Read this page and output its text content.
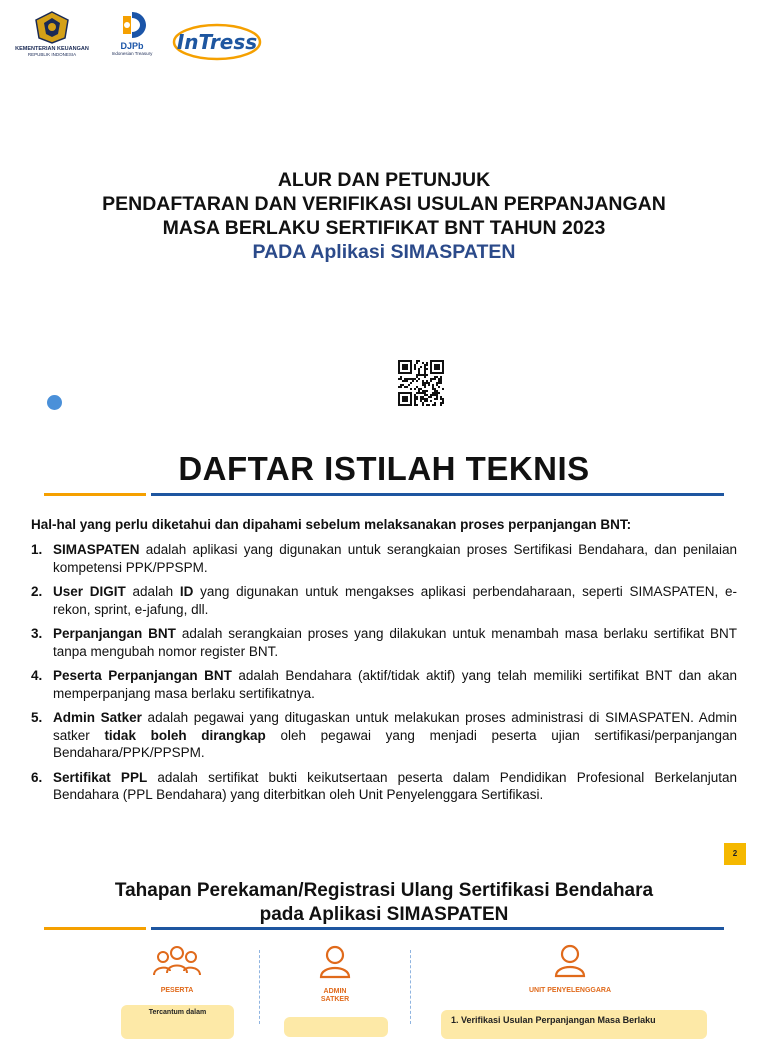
KEMENTERIAN KEUANGAN
REPUBLIK INDONESIA
DJPb
Indonesian Treasury	InTress
ALUR DAN PETUNJUK
PENDAFTARAN DAN VERIFIKASI USULAN PERPANJANGAN
MASA BERLAKU SERTIFIKAT BNT TAHUN 2023
PADA Aplikasi SIMASPATEN
DAFTAR ISTILAH TEKNIS
Hal-hal yang perlu diketahui dan dipahami sebelum melaksanakan proses perpanjangan BNT:
1. SIMASPATEN adalah aplikasi yang digunakan untuk serangkaian proses Sertifikasi Bendahara, dan penilaian kompetensi PPK/PPSPM.
2. User DIGIT adalah ID yang digunakan untuk mengakses aplikasi perbendaharaan, seperti SIMASPATEN, e-rekon, sprint, e-jafung, dll.
3. Perpanjangan BNT adalah serangkaian proses yang dilakukan untuk menambah masa berlaku sertifikat BNT tanpa mengubah nomor register BNT.
4. Peserta Perpanjangan BNT adalah Bendahara (aktif/tidak aktif) yang telah memiliki sertifikat BNT dan akan memperpanjang masa berlaku sertifikatnya.
5. Admin Satker adalah pegawai yang ditugaskan untuk melakukan proses administrasi di SIMASPATEN. Admin satker tidak boleh dirangkap oleh pegawai yang menjadi peserta ujian sertifikasi/perpanjangan Bendahara/PPK/PPSPM.
6. Sertifikat PPL adalah sertifikat bukti keikutsertaan peserta dalam Pendidikan Profesional Berkelanjutan Bendahara (PPL Bendahara) yang diterbitkan oleh Unit Penyelenggara Sertifikasi.
2
Tahapan Perekaman/Registrasi Ulang Sertifikasi Bendahara
pada Aplikasi SIMASPATEN
PESERTA	ADMIN
SATKER
UNIT PENYELENGGARA
Tercantum dalam
1. Verifikasi Usulan Perpanjangan Masa Berlaku
